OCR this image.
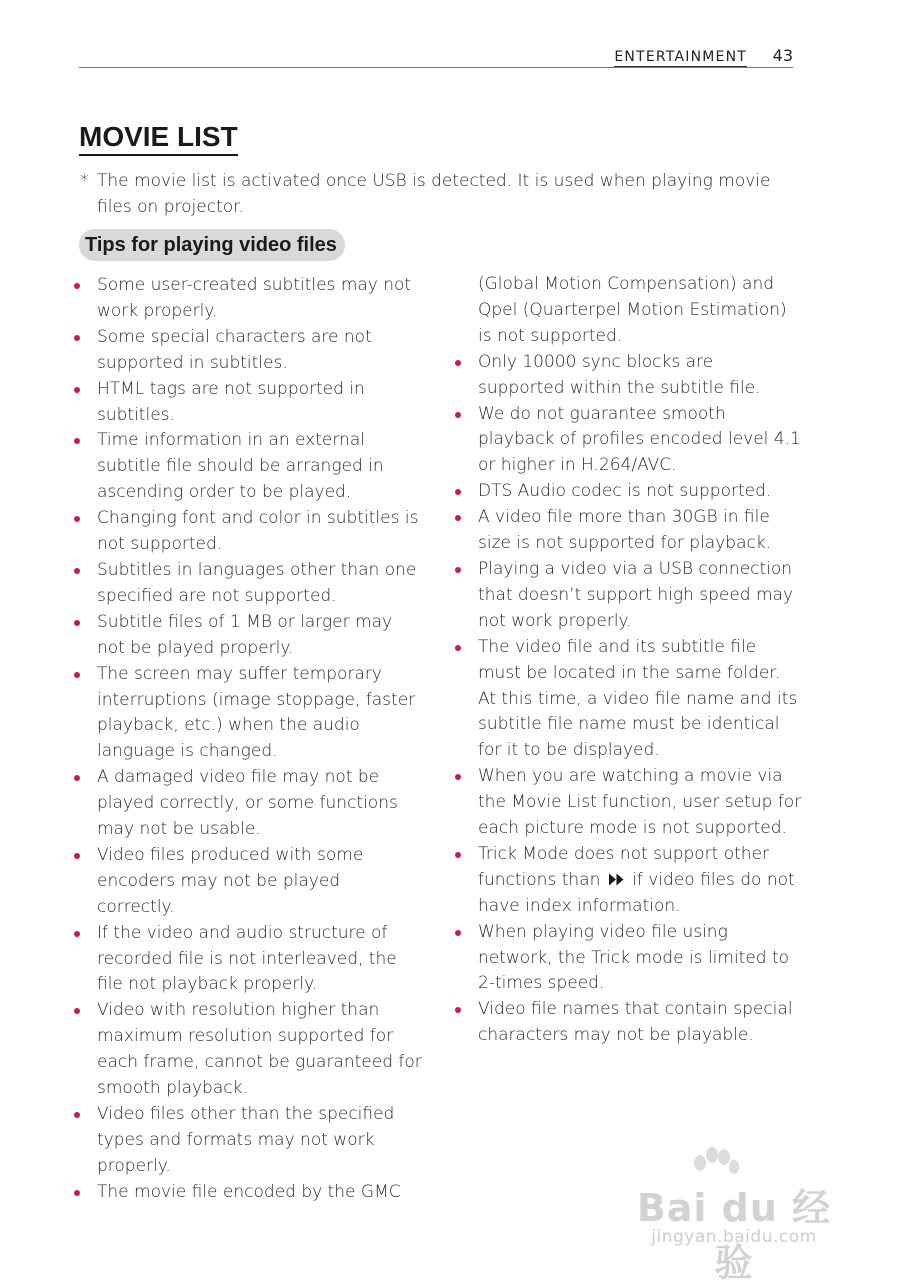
ENTERTAINMENT 43
MOVIE LIST
* The movie list is activated once USB is detected. It is used when playing movie files on projector.
Tips for playing video files
Some user-created subtitles may not work properly.
Some special characters are not supported in subtitles.
HTML tags are not supported in subtitles.
Time information in an external subtitle file should be arranged in ascending order to be played.
Changing font and color in subtitles is not supported.
Subtitles in languages other than one specified are not supported.
Subtitle files of 1 MB or larger may not be played properly.
The screen may suffer temporary interruptions (image stoppage, faster playback, etc.) when the audio language is changed.
A damaged video file may not be played correctly, or some functions may not be usable.
Video files produced with some encoders may not be played correctly.
If the video and audio structure of recorded file is not interleaved, the file not playback properly.
Video with resolution higher than maximum resolution supported for each frame, cannot be guaranteed for smooth playback.
Video files other than the specified types and formats may not work properly.
The movie file encoded by the GMC
(Global Motion Compensation) and Qpel (Quarterpel Motion Estimation) is not supported.
Only 10000 sync blocks are supported within the subtitle file.
We do not guarantee smooth playback of profiles encoded level 4.1 or higher in H.264/AVC.
DTS Audio codec is not supported.
A video file more than 30GB in file size is not supported for playback.
Playing a video via a USB connection that doesn’t support high speed may not work properly.
The video file and its subtitle file must be located in the same folder. At this time, a video file name and its subtitle file name must be identical for it to be displayed.
When you are watching a movie via the Movie List function, user setup for each picture mode is not supported.
Trick Mode does not support other functions than if video files do not have index information.
When playing video file using network, the Trick mode is limited to 2-times speed.
Video file names that contain special characters may not be playable.
Bai du 经验
jingyan.baidu.com
